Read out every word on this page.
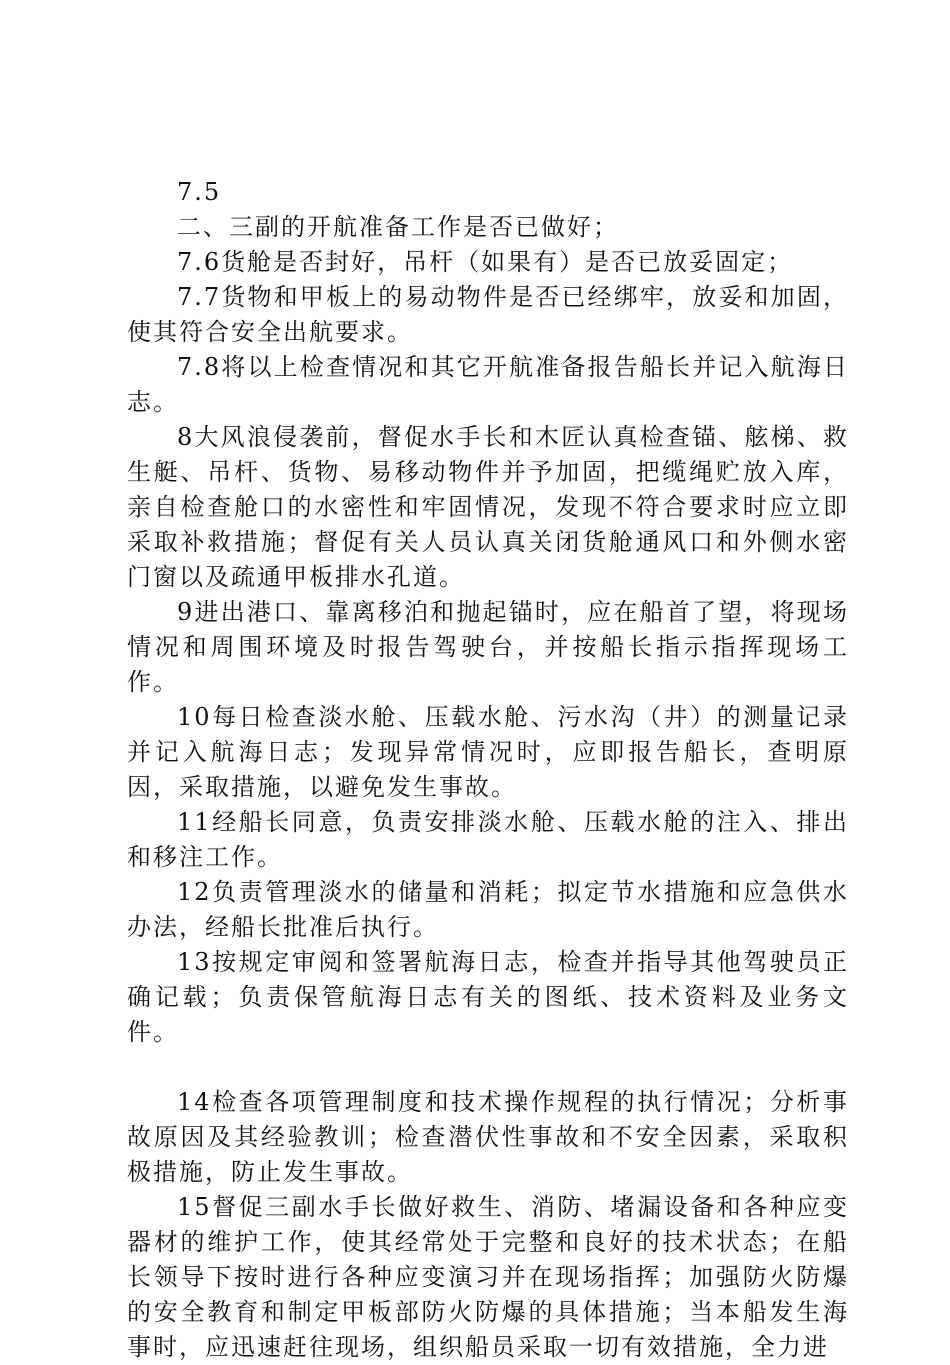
7.5

二、三副的开航准备工作是否已做好；

7.6货舱是否封好，吊杆（如果有）是否已放妥固定；

7.7货物和甲板上的易动物件是否已经绑牢，放妥和加固，使其符合安全出航要求。

7.8将以上检查情况和其它开航准备报告船长并记入航海日志。

8大风浪侵袭前，督促水手长和木匠认真检查锚、舷梯、救生艇、吊杆、货物、易移动物件并予加固，把缆绳贮放入库，亲自检查舱口的水密性和牢固情况，发现不符合要求时应立即采取补救措施；督促有关人员认真关闭货舱通风口和外侧水密门窗以及疏通甲板排水孔道。

9进出港口、靠离移泊和抛起锚时，应在船首了望，将现场情况和周围环境及时报告驾驶台，并按船长指示指挥现场工作。

10每日检查淡水舱、压载水舱、污水沟（井）的测量记录并记入航海日志；发现异常情况时，应即报告船长，查明原因，采取措施，以避免发生事故。

11经船长同意，负责安排淡水舱、压载水舱的注入、排出和移注工作。

12负责管理淡水的储量和消耗；拟定节水措施和应急供水办法，经船长批准后执行。

13按规定审阅和签署航海日志，检查并指导其他驾驶员正确记载；负责保管航海日志有关的图纸、技术资料及业务文件。

14检查各项管理制度和技术操作规程的执行情况；分析事故原因及其经验教训；检查潜伏性事故和不安全因素，采取积极措施，防止发生事故。

15督促三副水手长做好救生、消防、堵漏设备和各种应变器材的维护工作，使其经常处于完整和良好的技术状态；在船长领导下按时进行各种应变演习并在现场指挥；加强防火防爆的安全教育和制定甲板部防火防爆的具体措施；当本船发生海事时，应迅速赶往现场，组织船员采取一切有效措施，全力进
